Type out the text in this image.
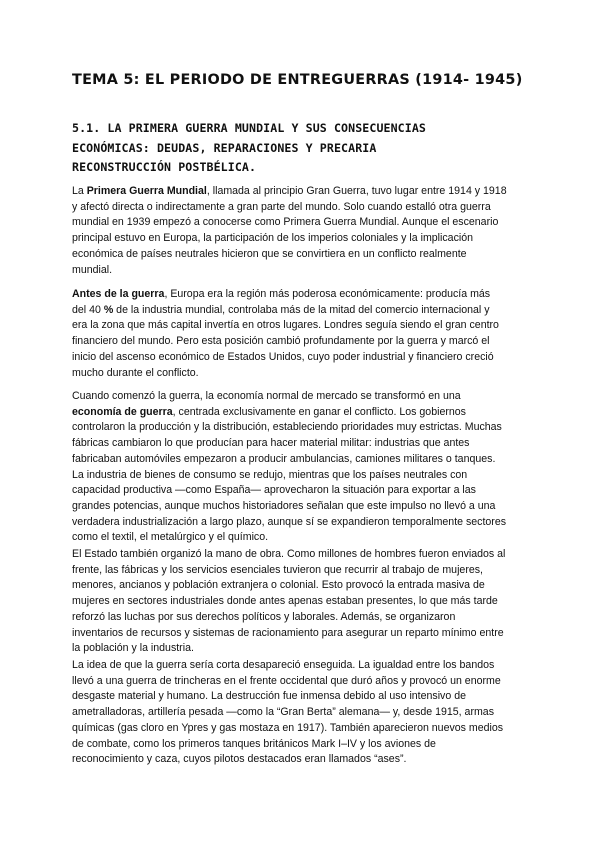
TEMA 5: EL PERIODO DE ENTREGUERRAS (1914- 1945)
5.1. LA PRIMERA GUERRA MUNDIAL Y SUS CONSECUENCIAS
ECONÓMICAS: DEUDAS, REPARACIONES Y PRECARIA
RECONSTRUCCIÓN POSTBÉLICA.

La Primera Guerra Mundial, llamada al principio Gran Guerra, tuvo lugar entre 1914 y 1918
y afectó directa o indirectamente a gran parte del mundo. Solo cuando estalló otra guerra
mundial en 1939 empezó a conocerse como Primera Guerra Mundial. Aunque el escenario
principal estuvo en Europa, la participación de los imperios coloniales y la implicación
económica de países neutrales hicieron que se convirtiera en un conflicto realmente
mundial.

Antes de la guerra, Europa era la región más poderosa económicamente: producía más
del 40 % de la industria mundial, controlaba más de la mitad del comercio internacional y
era la zona que más capital invertía en otros lugares. Londres seguía siendo el gran centro
financiero del mundo. Pero esta posición cambió profundamente por la guerra y marcó el
inicio del ascenso económico de Estados Unidos, cuyo poder industrial y financiero creció
mucho durante el conflicto.

Cuando comenzó la guerra, la economía normal de mercado se transformó en una
economía de guerra, centrada exclusivamente en ganar el conflicto. Los gobiernos
controlaron la producción y la distribución, estableciendo prioridades muy estrictas. Muchas
fábricas cambiaron lo que producían para hacer material militar: industrias que antes
fabricaban automóviles empezaron a producir ambulancias, camiones militares o tanques.
La industria de bienes de consumo se redujo, mientras que los países neutrales con
capacidad productiva —como España— aprovecharon la situación para exportar a las
grandes potencias, aunque muchos historiadores señalan que este impulso no llevó a una
verdadera industrialización a largo plazo, aunque sí se expandieron temporalmente sectores
como el textil, el metalúrgico y el químico.

El Estado también organizó la mano de obra. Como millones de hombres fueron enviados al
frente, las fábricas y los servicios esenciales tuvieron que recurrir al trabajo de mujeres,
menores, ancianos y población extranjera o colonial. Esto provocó la entrada masiva de
mujeres en sectores industriales donde antes apenas estaban presentes, lo que más tarde
reforzó las luchas por sus derechos políticos y laborales. Además, se organizaron
inventarios de recursos y sistemas de racionamiento para asegurar un reparto mínimo entre
la población y la industria.

La idea de que la guerra sería corta desapareció enseguida. La igualdad entre los bandos
llevó a una guerra de trincheras en el frente occidental que duró años y provocó un enorme
desgaste material y humano. La destrucción fue inmensa debido al uso intensivo de
ametralladoras, artillería pesada —como la “Gran Berta” alemana— y, desde 1915, armas
químicas (gas cloro en Ypres y gas mostaza en 1917). También aparecieron nuevos medios
de combate, como los primeros tanques británicos Mark I–IV y los aviones de
reconocimiento y caza, cuyos pilotos destacados eran llamados “ases”.
